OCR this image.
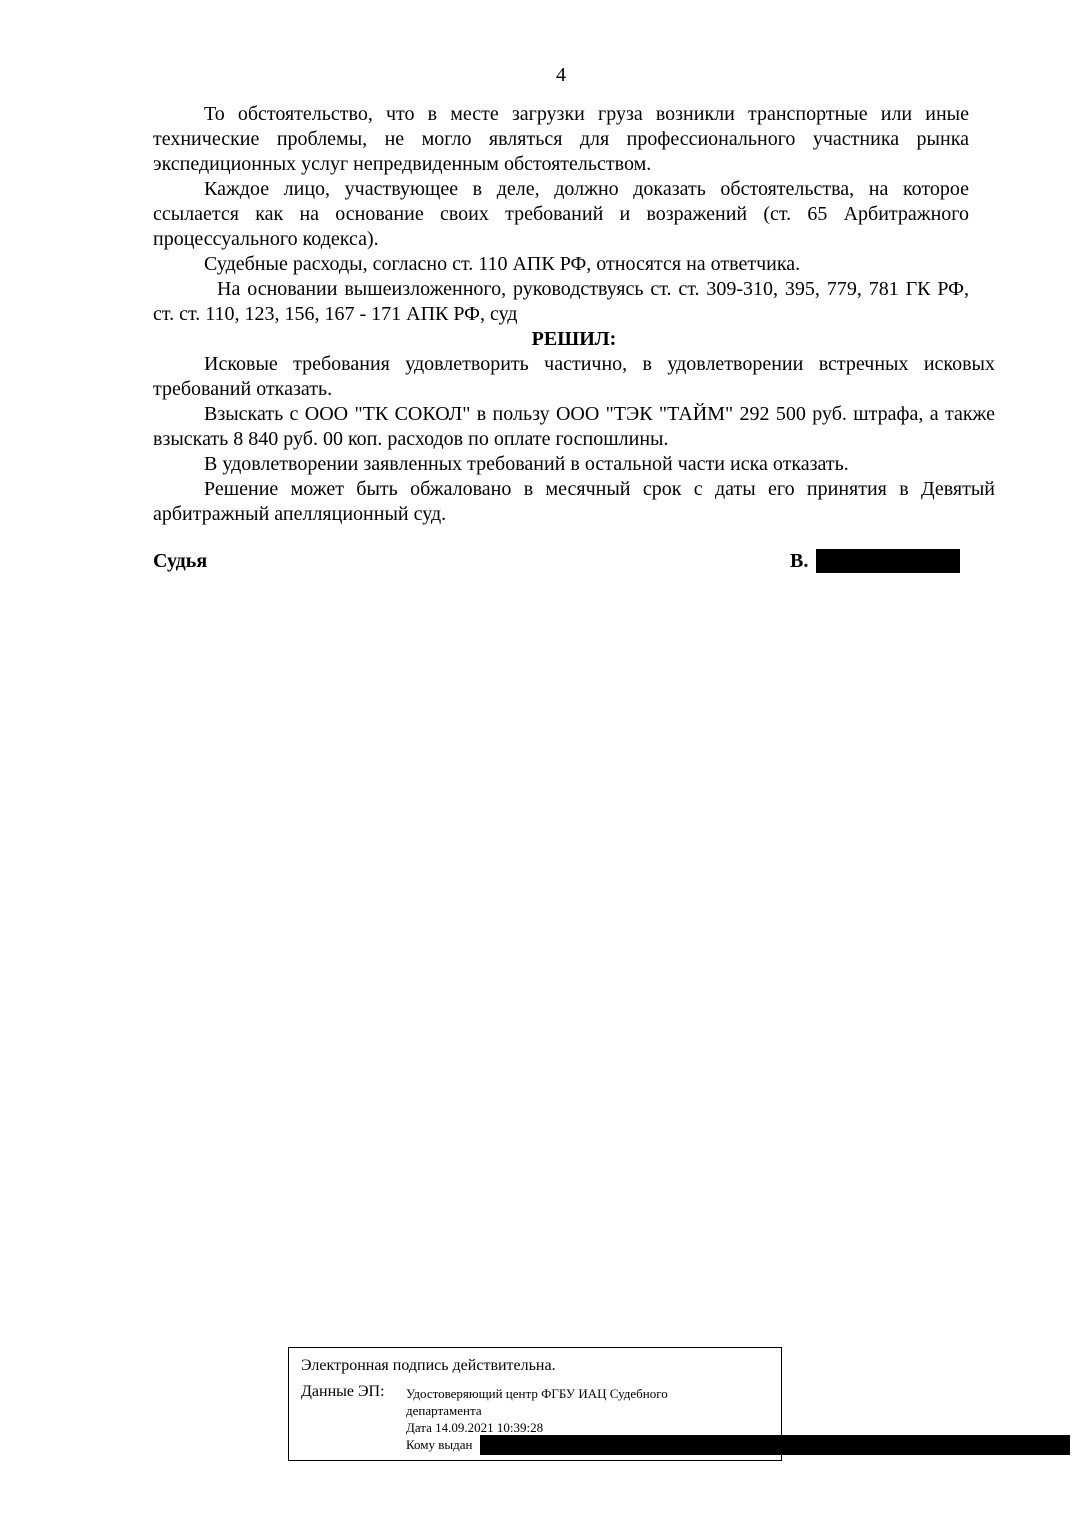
4

То обстоятельство, что в месте загрузки груза возникли транспортные или иные технические проблемы, не могло являться для профессионального участника рынка экспедиционных услуг непредвиденным обстоятельством.

Каждое лицо, участвующее в деле, должно доказать обстоятельства, на которое ссылается как на основание своих требований и возражений (ст. 65 Арбитражного процессуального кодекса).

Судебные расходы, согласно ст. 110 АПК РФ, относятся на ответчика.

На основании вышеизложенного, руководствуясь ст. ст. 309-310, 395, 779, 781 ГК РФ, ст. ст. 110, 123, 156, 167 - 171 АПК РФ, суд

РЕШИЛ:

Исковые требования удовлетворить частично, в удовлетворении встречных исковых требований отказать.

Взыскать с ООО "ТК СОКОЛ" в пользу ООО "ТЭК "ТАЙМ" 292 500 руб. штрафа, а также взыскать 8 840 руб. 00 коп. расходов по оплате госпошлины.

В удовлетворении заявленных требований в остальной части иска отказать.

Решение может быть обжаловано в месячный срок с даты его принятия в Девятый арбитражный апелляционный суд.

Судья	В.
Электронная подпись действительна.
Данные ЭП: Удостоверяющий центр ФГБУ ИАЦ Судебного
департамента
Дата 14.09.2021 10:39:28
Кому выдан
